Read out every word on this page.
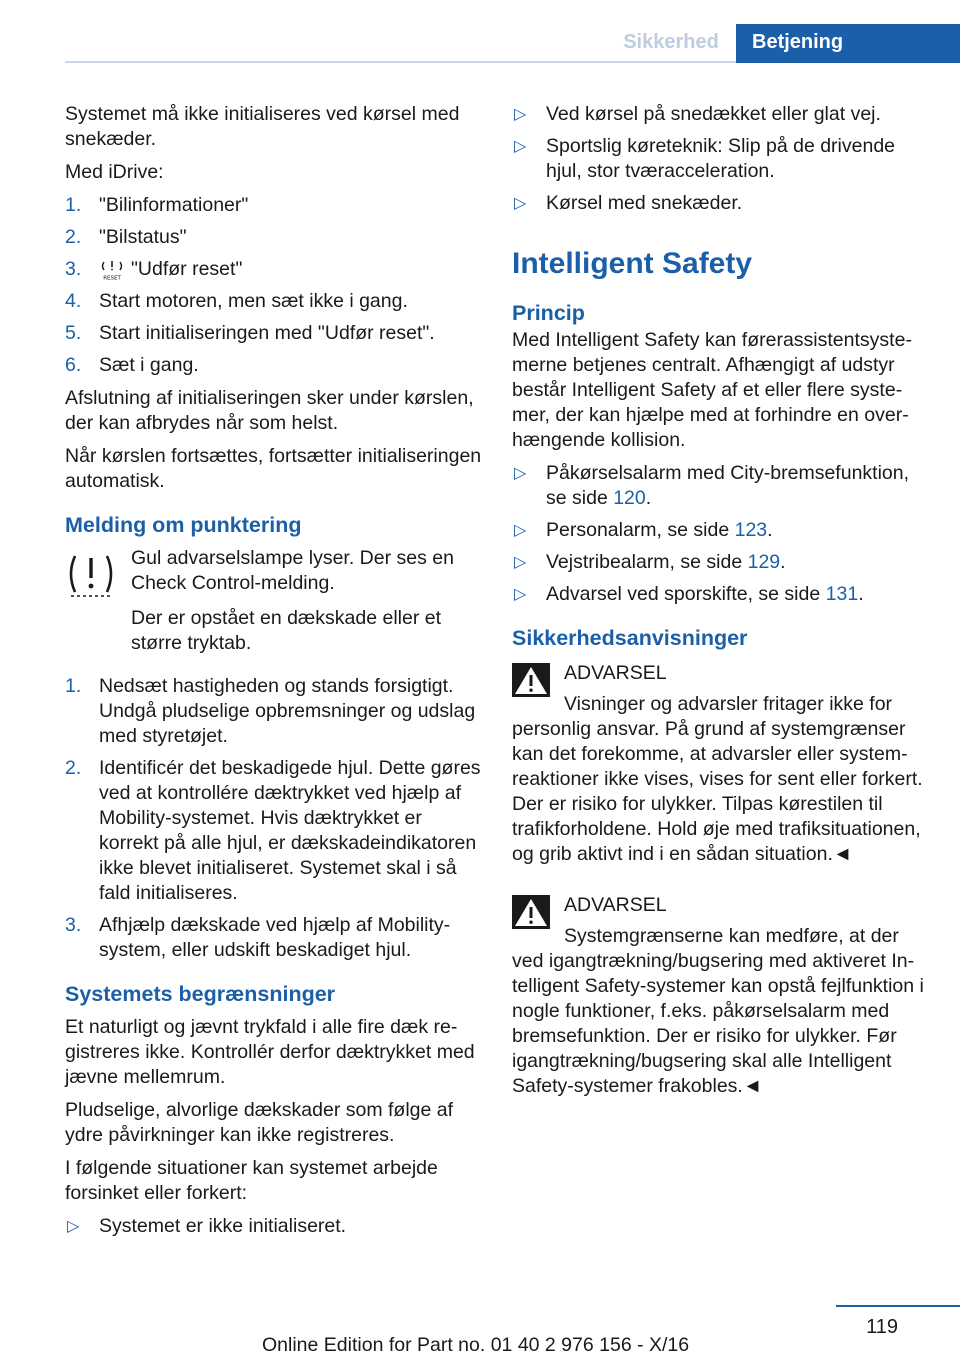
Sikkerhed	Betjening

Systemet må ikke initialiseres ved kørsel med snekæder.

Med iDrive:

1. "Bilinformationer"
2. "Bilstatus"
3.	RESET "Udfør reset"
4. Start motoren, men sæt ikke i gang.
5. Start initialiseringen med "Udfør reset".
6. Sæt i gang.

Afslutning af initialiseringen sker under kørslen, der kan afbrydes når som helst.

Når kørslen fortsættes, fortsætter initialiseringen automatisk.

Melding om punktering

Gul advarselslampe lyser. Der ses en Check Control-melding.

Der er opstået en dækskade eller et større tryktab.

1. Nedsæt hastigheden og stands forsigtigt. Undgå pludselige opbremsninger og udslag med styretøjet.
2. Identificér det beskadigede hjul. Dette gøres ved at kontrollére dæktrykket ved hjælp af Mobility-systemet. Hvis dæktrykket er korrekt på alle hjul, er dækskadeindikatoren ikke blevet initialiseret. Systemet skal i så fald initialiseres.
3. Afhjælp dækskade ved hjælp af Mobility-system, eller udskift beskadiget hjul.
Systemets begrænsninger

Et naturligt og jævnt trykfald i alle fire dæk registreres ikke. Kontrollér derfor dæktrykket med jævne mellemrum.

Pludselige, alvorlige dækskader som følge af ydre påvirkninger kan ikke registreres.

I følgende situationer kan systemet arbejde forsinket eller forkert:

▷ Systemet er ikke initialiseret.
▷ Ved kørsel på snedækket eller glat vej.
▷ Sportslig køreteknik: Slip på de drivende hjul, stor tværacceleration.
▷ Kørsel med snekæder.
Intelligent Safety
Princip

Med Intelligent Safety kan førerassistentsystemerne betjenes centralt. Afhængigt af udstyr består Intelligent Safety af et eller flere systemer, der kan hjælpe med at forhindre en overhængende kollision.

▷ Påkørselsalarm med City-bremsefunktion, se side 120.
▷ Personalarm, se side 123.
▷ Vejstribealarm, se side 129.
▷ Advarsel ved sporskifte, se side 131.
Sikkerhedsanvisninger
ADVARSEL
Visninger og advarsler fritager ikke for personlig ansvar. På grund af systemgrænser kan det forekomme, at advarsler eller systemreaktioner ikke vises, vises for sent eller forkert. Der er risiko for ulykker. Tilpas kørestilen til trafikforholdene. Hold øje med trafiksituationen, og grib aktivt ind i en sådan situation.◄
ADVARSEL
Systemgrænserne kan medføre, at der ved igangtrækning/bugsering med aktiveret Intelligent Safety-systemer kan opstå fejlfunktion i nogle funktioner, f.eks. påkørselsalarm med bremsefunktion. Der er risiko for ulykker. Før igangtrækning/bugsering skal alle Intelligent Safety-systemer frakobles.◄
119
Online Edition for Part no. 01 40 2 976 156 - X/16
